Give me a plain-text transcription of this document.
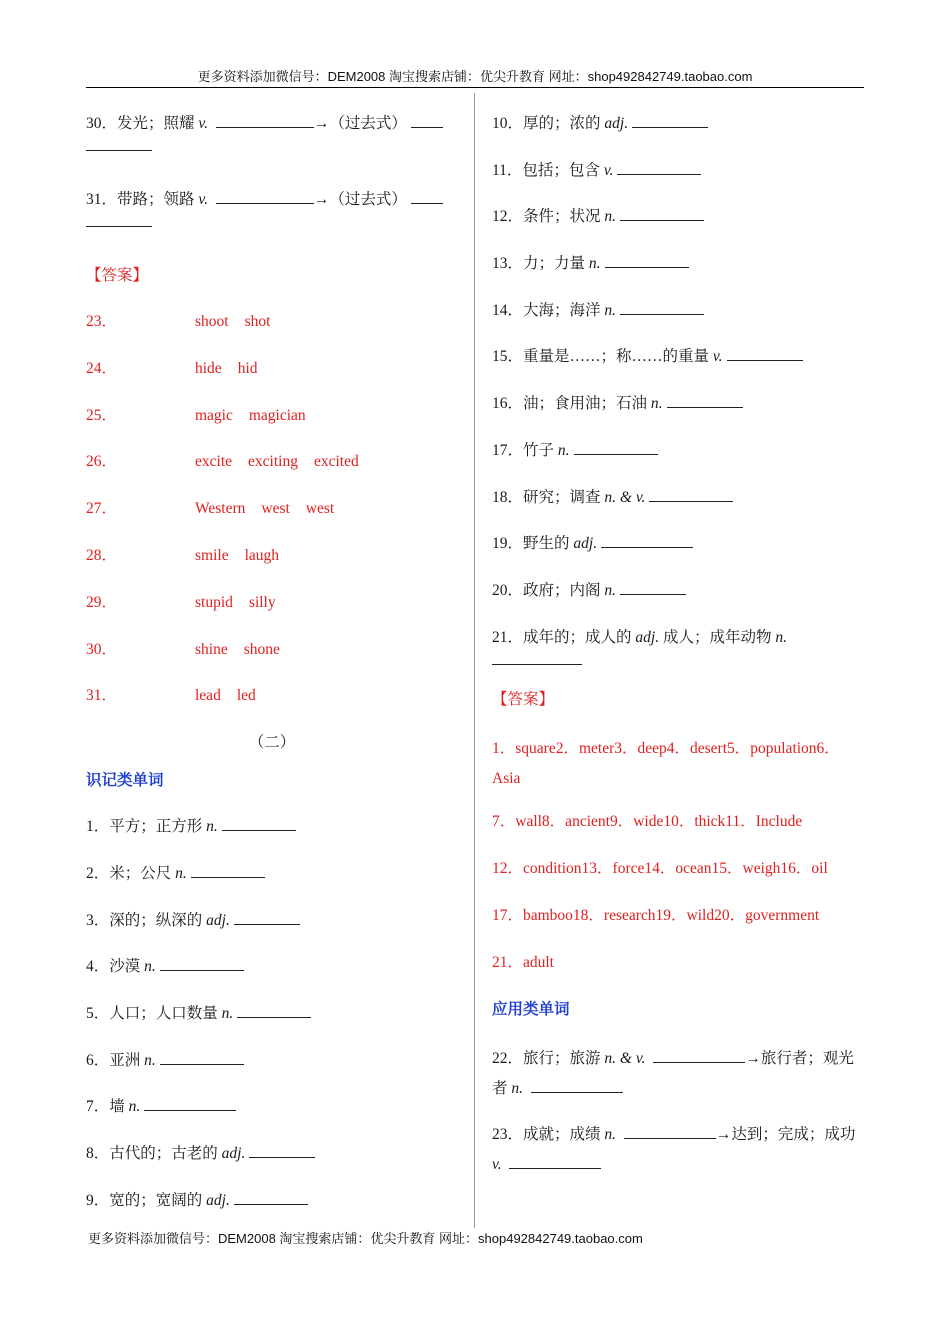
更多资料添加微信号：DEM2008 淘宝搜索店铺：优尖升教育 网址：shop492842749.taobao.com
30．发光；照耀 v.	→（过去式）

31．带路；领路 v.	→（过去式）

【答案】
23．	shoot shot
24．	hide hid
25．	magic magician
26．	excite exciting excited
27．	Western west west
28．	smile laugh
29．	stupid silly
30．	shine shone
31．	lead led
（二）
识记类单词
1．平方；正方形 n.
2．米；公尺 n.
3．深的；纵深的 adj.
4．沙漠 n.
5．人口；人口数量 n.
6．亚洲 n.
7．墙 n.
8．古代的；古老的 adj.
9．宽的；宽阔的 adj.
10．厚的；浓的 adj.
11．包括；包含 v.
12．条件；状况 n.
13．力；力量 n.
14．大海；海洋 n.
15．重量是……；称……的重量 v.
16．油；食用油；石油 n.
17．竹子 n.
18．研究；调查 n. & v.
19．野生的 adj.
20．政府；内阁 n.
21．成年的；成人的 adj. 成人；成年动物 n.

【答案】
1．square2．meter3．deep4．desert5．population6．Asia
7．wall8．ancient9．wide10．thick11．Include
12．condition13．force14．ocean15．weigh16．oil
17．bamboo18．research19．wild20．government
21．adult
应用类单词
22．旅行；旅游 n. & v.	→旅行者；观光者 n.
23．成就；成绩 n.	→达到；完成；成功 v.
更多资料添加微信号：DEM2008 淘宝搜索店铺：优尖升教育 网址：shop492842749.taobao.com
